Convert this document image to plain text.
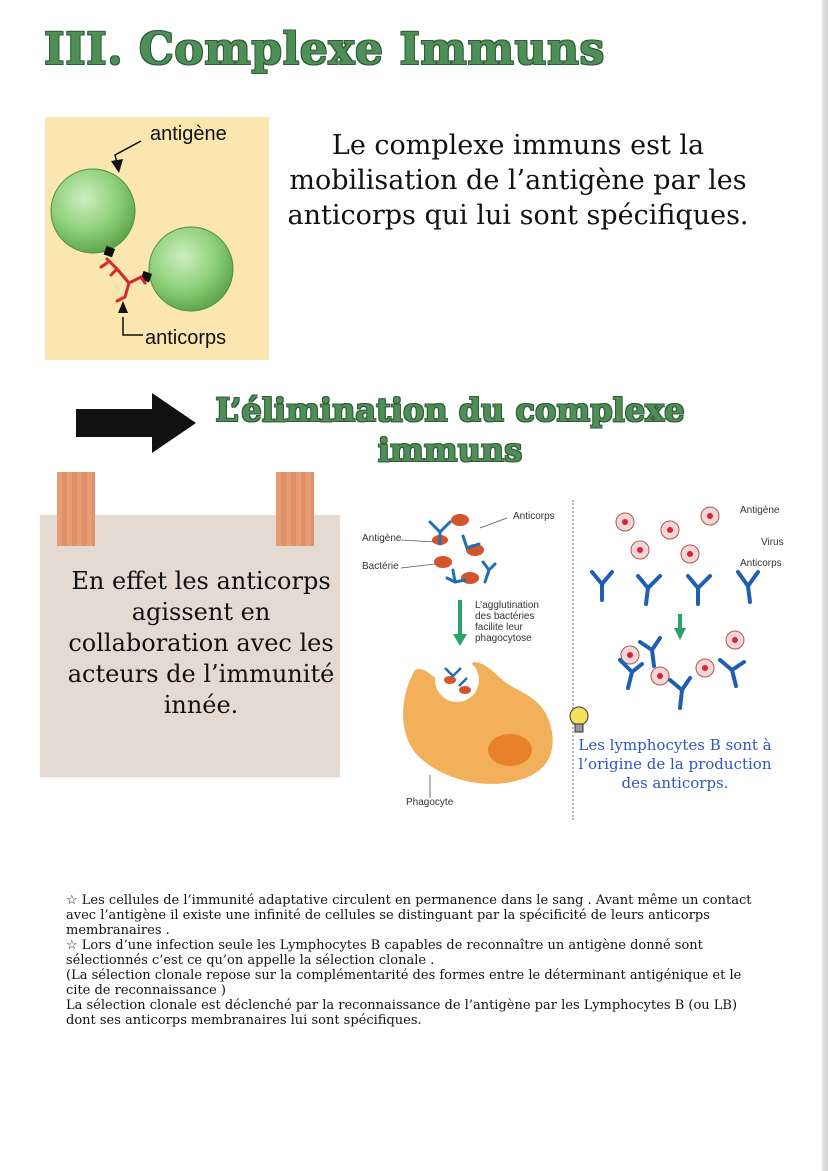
III. Complexe Immuns
antigène
anticorps
Le complexe immuns est la mobilisation de l’antigène par les anticorps qui lui sont spécifiques.
L’élimination du complexe immuns
En effet les anticorps agissent en collaboration avec les acteurs de l’immunité innée.
Anticorps
Antigène
Bactérie
L’agglutination
des bactéries
facilite leur
phagocytose
Phagocyte
Antigène
Virus
Anticorps
Les lymphocytes B sont à l’origine de la production des anticorps.

☆ Les cellules de l’immunité adaptative circulent en permanence dans le sang . Avant même un contact avec l’antigène il existe une infinité de cellules se distinguant par la spécificité de leurs anticorps membranaires .

☆ Lors d’une infection seule les Lymphocytes B capables de reconnaître un antigène donné sont sélectionnés c’est ce qu’on appelle la sélection clonale .

(La sélection clonale repose sur la complémentarité des formes entre le déterminant antigénique et le cite de reconnaissance )

La sélection clonale est déclenché par la reconnaissance de l’antigène par les Lymphocytes B (ou LB) dont ses anticorps membranaires lui sont spécifiques.
